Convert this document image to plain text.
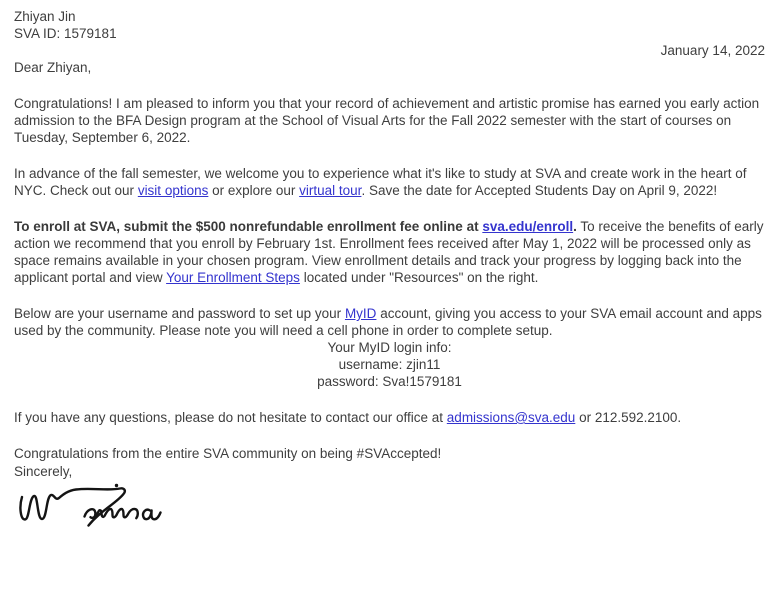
Zhiyan Jin
SVA ID: 1579181
January 14, 2022
Dear Zhiyan,

Congratulations! I am pleased to inform you that your record of achievement and artistic promise has earned you early action admission to the BFA Design program at the School of Visual Arts for the Fall 2022 semester with the start of courses on Tuesday, September 6, 2022.

In advance of the fall semester, we welcome you to experience what it's like to study at SVA and create work in the heart of NYC. Check out our visit options or explore our virtual tour. Save the date for Accepted Students Day on April 9, 2022!

To enroll at SVA, submit the $500 nonrefundable enrollment fee online at sva.edu/enroll. To receive the benefits of early action we recommend that you enroll by February 1st. Enrollment fees received after May 1, 2022 will be processed only as space remains available in your chosen program. View enrollment details and track your progress by logging back into the applicant portal and view Your Enrollment Steps located under "Resources" on the right.

Below are your username and password to set up your MyID account, giving you access to your SVA email account and apps used by the community. Please note you will need a cell phone in order to complete setup.

Your MyID login info:
username: zjin11
password: Sva!1579181

If you have any questions, please do not hesitate to contact our office at admissions@sva.edu or 212.592.2100.

Congratulations from the entire SVA community on being #SVAccepted!

Sincerely,
